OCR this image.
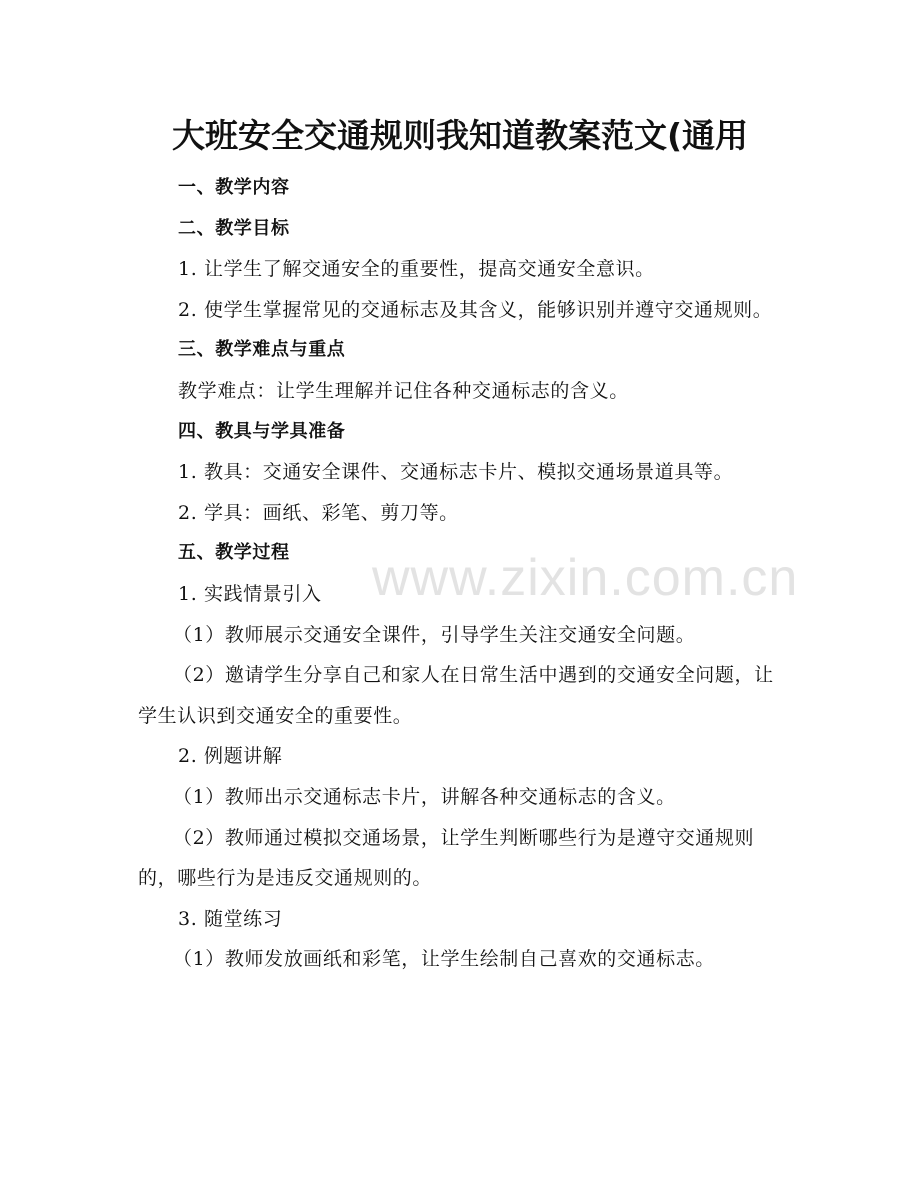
www.zixin.com.cn
大班安全交通规则我知道教案范文(通用

一、教学内容

二、教学目标

1. 让学生了解交通安全的重要性，提高交通安全意识。

2. 使学生掌握常见的交通标志及其含义，能够识别并遵守交通规则。

三、教学难点与重点

教学难点：让学生理解并记住各种交通标志的含义。

四、教具与学具准备

1. 教具：交通安全课件、交通标志卡片、模拟交通场景道具等。

2. 学具：画纸、彩笔、剪刀等。

五、教学过程

1. 实践情景引入

（1）教师展示交通安全课件，引导学生关注交通安全问题。

（2）邀请学生分享自己和家人在日常生活中遇到的交通安全问题，让学生认识到交通安全的重要性。

2. 例题讲解

（1）教师出示交通标志卡片，讲解各种交通标志的含义。

（2）教师通过模拟交通场景，让学生判断哪些行为是遵守交通规则的，哪些行为是违反交通规则的。

3. 随堂练习

（1）教师发放画纸和彩笔，让学生绘制自己喜欢的交通标志。
